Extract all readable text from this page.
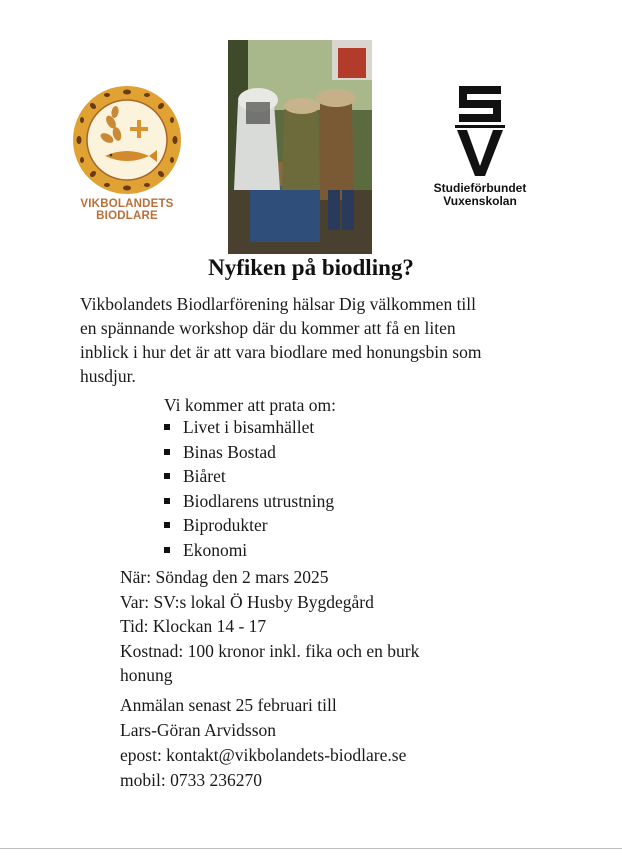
VIKBOLANDETS
BIODLARE
Studieförbundet
Vuxenskolan
Nyfiken på biodling?
Vikbolandets Biodlarförening hälsar Dig välkommen till
en spännande workshop där du kommer att få en liten
inblick i hur det är att vara biodlare med honungsbin som
husdjur.
Vi kommer att prata om:
Livet i bisamhället
Binas Bostad
Biåret
Biodlarens utrustning
Biprodukter
Ekonomi
När: Söndag den 2 mars 2025
Var: SV:s lokal Ö Husby Bygdegård
Tid: Klockan 14 - 17
Kostnad: 100 kronor inkl. fika och en burk
honung
Anmälan senast 25 februari till
Lars-Göran Arvidsson
epost: kontakt@vikbolandets-biodlare.se
mobil: 0733 236270
